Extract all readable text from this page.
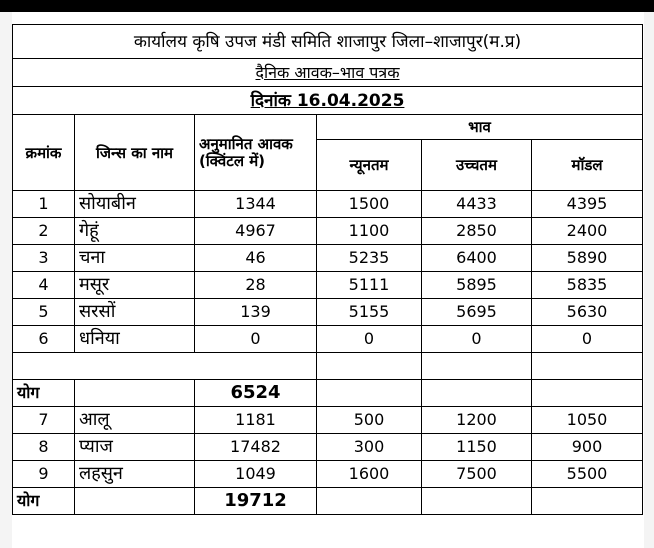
कार्यालय कृषि उपज मंडी समिति शाजापुर जिला–शाजापुर(म.प्र)					
दैनिक आवक–भाव पत्रक					
दिनांक 16.04.2025					
क्रमांक	जिन्स का नाम	अनुमानित आवक (क्विंटल में)	भाव		
			न्यूनतम	उच्चतम	मॉडल
1	सोयाबीन	1344	1500	4433	4395
2	गेहूं	4967	1100	2850	2400
3	चना	46	5235	6400	5890
4	मसूर	28	5111	5895	5835
5	सरसों	139	5155	5695	5630
6	धनिया	0	0	0	0

योग		6524			
7	आलू	1181	500	1200	1050
8	प्याज	17482	300	1150	900
9	लहसुन	1049	1600	7500	5500
योग		19712			
